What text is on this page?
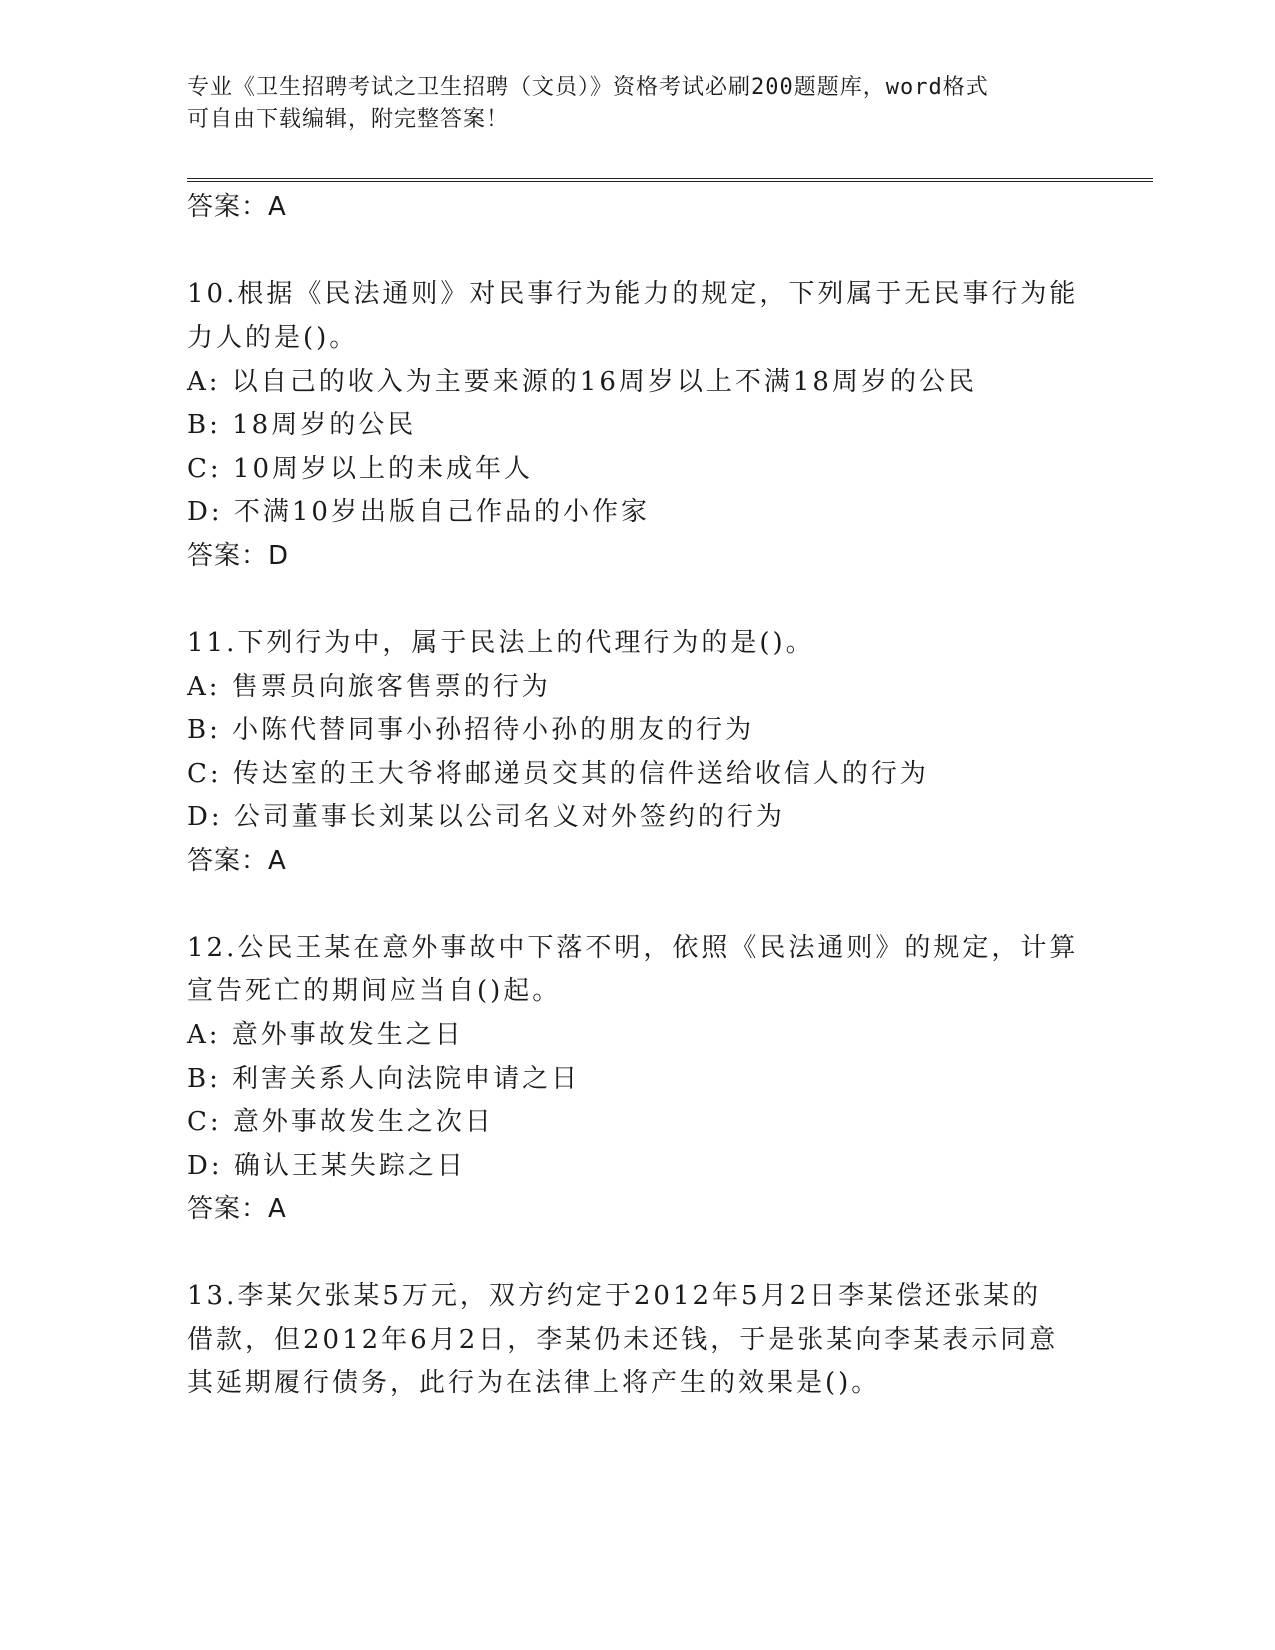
专业《卫生招聘考试之卫生招聘（文员）》资格考试必刷200题题库，word格式

可自由下载编辑，附完整答案！

答案：A
10.根据《民法通则》对民事行为能力的规定，下列属于无民事行为能
力人的是()。
A: 以自己的收入为主要来源的16周岁以上不满18周岁的公民
B: 18周岁的公民
C: 10周岁以上的未成年人
D: 不满10岁出版自己作品的小作家
答案：D
11.下列行为中，属于民法上的代理行为的是()。
A: 售票员向旅客售票的行为
B: 小陈代替同事小孙招待小孙的朋友的行为
C: 传达室的王大爷将邮递员交其的信件送给收信人的行为
D: 公司董事长刘某以公司名义对外签约的行为
答案：A
12.公民王某在意外事故中下落不明，依照《民法通则》的规定，计算
宣告死亡的期间应当自()起。
A: 意外事故发生之日
B: 利害关系人向法院申请之日
C: 意外事故发生之次日
D: 确认王某失踪之日
答案：A
13.李某欠张某5万元，双方约定于2012年5月2日李某偿还张某的
借款，但2012年6月2日，李某仍未还钱，于是张某向李某表示同意
其延期履行债务，此行为在法律上将产生的效果是()。
